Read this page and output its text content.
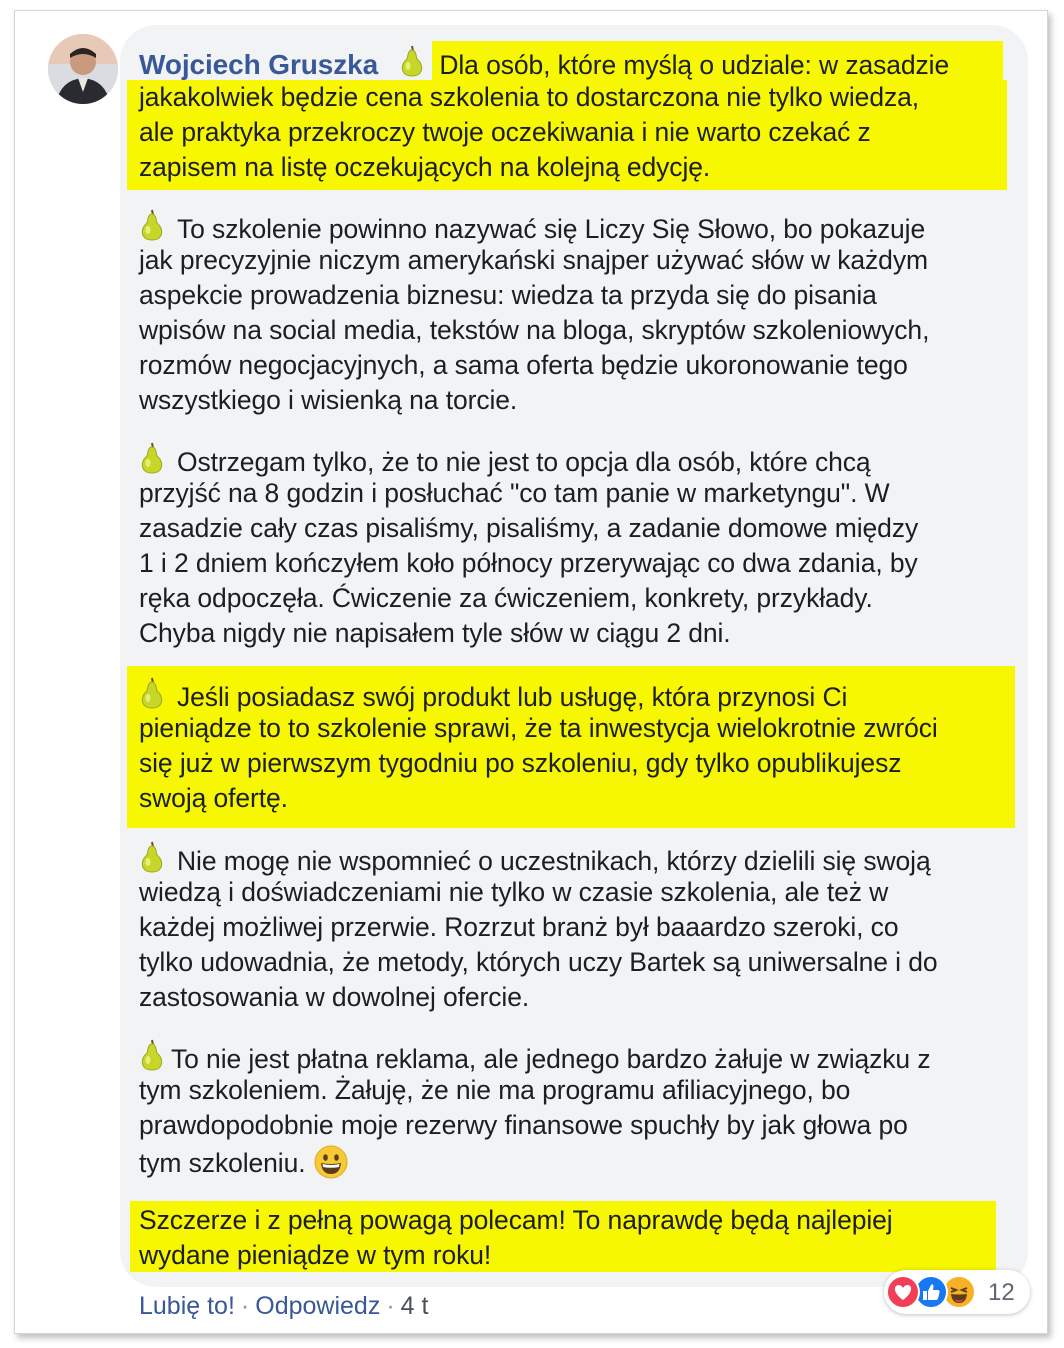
Wojciech Gruszka Dla osób, które myślą o udziale: w zasadzie
jakakolwiek będzie cena szkolenia to dostarczona nie tylko wiedza,
ale praktyka przekroczy twoje oczekiwania i nie warto czekać z
zapisem na listę oczekujących na kolejną edycję.
To szkolenie powinno nazywać się Liczy Się Słowo, bo pokazuje
jak precyzyjnie niczym amerykański snajper używać słów w każdym
aspekcie prowadzenia biznesu: wiedza ta przyda się do pisania
wpisów na social media, tekstów na bloga, skryptów szkoleniowych,
rozmów negocjacyjnych, a sama oferta będzie ukoronowanie tego
wszystkiego i wisienką na torcie.
Ostrzegam tylko, że to nie jest to opcja dla osób, które chcą
przyjść na 8 godzin i posłuchać "co tam panie w marketyngu". W
zasadzie cały czas pisaliśmy, pisaliśmy, a zadanie domowe między
1 i 2 dniem kończyłem koło północy przerywając co dwa zdania, by
ręka odpoczęła. Ćwiczenie za ćwiczeniem, konkrety, przykłady.
Chyba nigdy nie napisałem tyle słów w ciągu 2 dni.
Jeśli posiadasz swój produkt lub usługę, która przynosi Ci
pieniądze to to szkolenie sprawi, że ta inwestycja wielokrotnie zwróci
się już w pierwszym tygodniu po szkoleniu, gdy tylko opublikujesz
swoją ofertę.
Nie mogę nie wspomnieć o uczestnikach, którzy dzielili się swoją
wiedzą i doświadczeniami nie tylko w czasie szkolenia, ale też w
każdej możliwej przerwie. Rozrzut branż był baaardzo szeroki, co
tylko udowadnia, że metody, których uczy Bartek są uniwersalne i do
zastosowania w dowolnej ofercie.
To nie jest płatna reklama, ale jednego bardzo żałuje w związku z
tym szkoleniem. Żałuję, że nie ma programu afiliacyjnego, bo
prawdopodobnie moje rezerwy finansowe spuchły by jak głowa po
tym szkoleniu.
Szczerze i z pełną powagą polecam! To naprawdę będą najlepiej
wydane pieniądze w tym roku!
12
Lubię to! · Odpowiedz · 4 t
